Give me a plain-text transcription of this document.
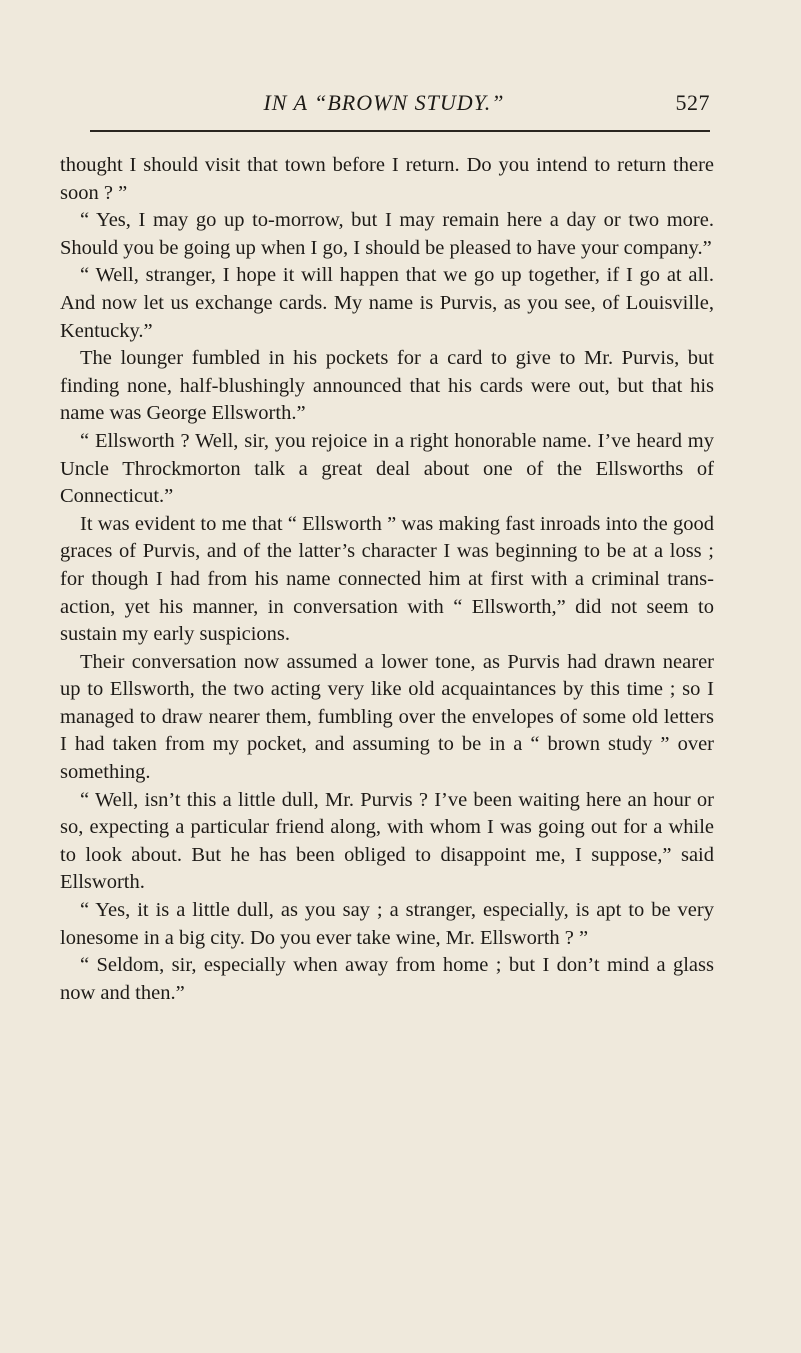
IN A “BROWN STUDY.”	527

thought I should visit that town before I return. Do you intend to return there soon ? ”

“ Yes, I may go up to-morrow, but I may remain here a day or two more. Should you be going up when I go, I should be pleased to have your company.”

“ Well, stranger, I hope it will happen that we go up together, if I go at all. And now let us exchange cards. My name is Purvis, as you see, of Louisville, Kentucky.”

The lounger fumbled in his pockets for a card to give to Mr. Purvis, but finding none, half-blushingly announced that his cards were out, but that his name was George Ellsworth.”

“ Ellsworth ? Well, sir, you rejoice in a right honorable name. I’ve heard my Uncle Throckmorton talk a great deal about one of the Ellsworths of Connecticut.”

It was evident to me that “ Ellsworth ” was making fast inroads into the good graces of Purvis, and of the latter’s character I was beginning to be at a loss ; for though I had from his name connected him at first with a criminal transaction, yet his manner, in conversation with “ Ellsworth,” did not seem to sustain my early suspicions.

Their conversation now assumed a lower tone, as Purvis had drawn nearer up to Ellsworth, the two acting very like old acquaintances by this time ; so I managed to draw nearer them, fumbling over the envelopes of some old letters I had taken from my pocket, and assuming to be in a “ brown study ” over something.

“ Well, isn’t this a little dull, Mr. Purvis ? I’ve been waiting here an hour or so, expecting a particular friend along, with whom I was going out for a while to look about. But he has been obliged to disappoint me, I suppose,” said Ellsworth.

“ Yes, it is a little dull, as you say ; a stranger, especially, is apt to be very lonesome in a big city. Do you ever take wine, Mr. Ellsworth ? ”

“ Seldom, sir, especially when away from home ; but I don’t mind a glass now and then.”
